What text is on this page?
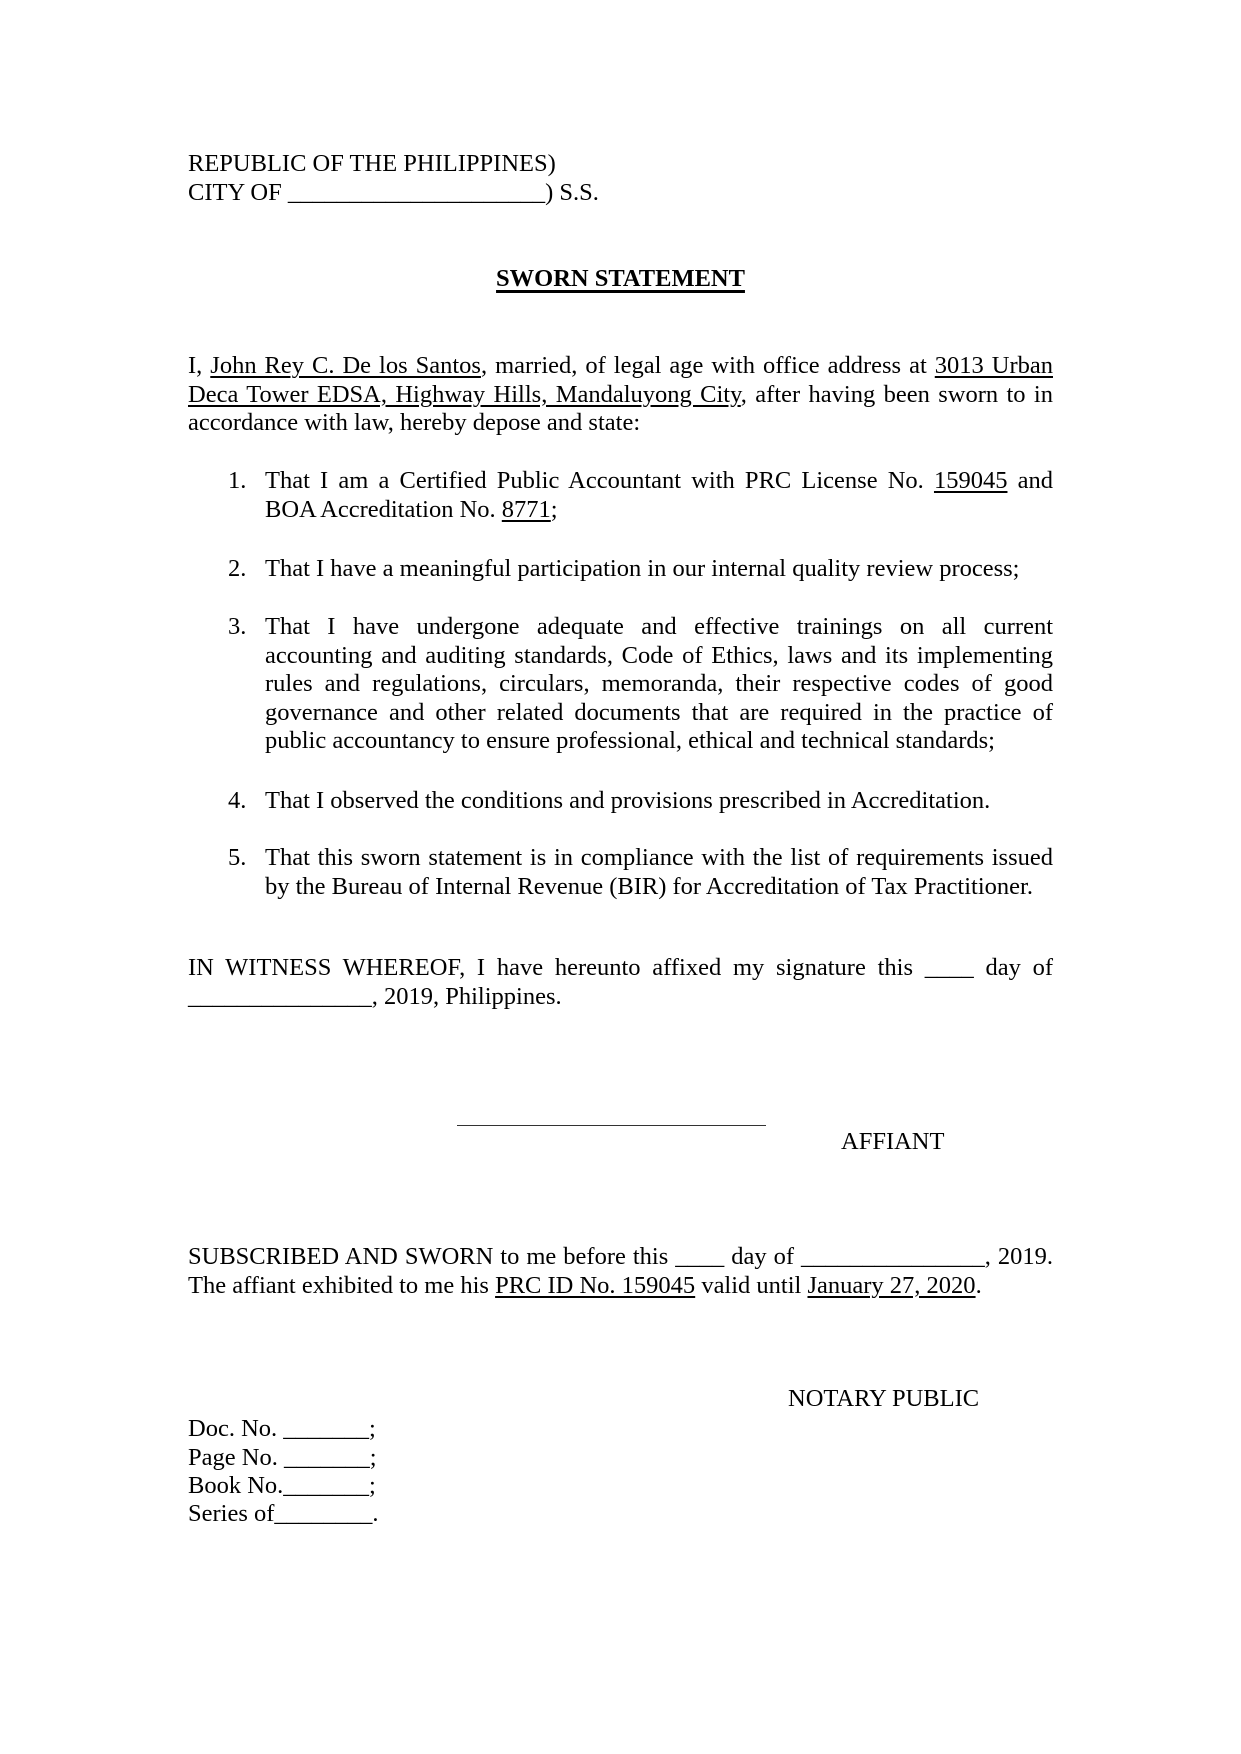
REPUBLIC OF THE PHILIPPINES)
CITY OF _____________________) S.S.
SWORN STATEMENT
I, John Rey C. De los Santos, married, of legal age with office address at 3013 Urban Deca Tower EDSA, Highway Hills, Mandaluyong City, after having been sworn to in accordance with law, hereby depose and state:
1. That I am a Certified Public Accountant with PRC License No. 159045 and BOA Accreditation No. 8771;
2. That I have a meaningful participation in our internal quality review process;
3. That I have undergone adequate and effective trainings on all current accounting and auditing standards, Code of Ethics, laws and its implementing rules and regulations, circulars, memoranda, their respective codes of good governance and other related documents that are required in the practice of public accountancy to ensure professional, ethical and technical standards;
4. That I observed the conditions and provisions prescribed in Accreditation.
5. That this sworn statement is in compliance with the list of requirements issued by the Bureau of Internal Revenue (BIR) for Accreditation of Tax Practitioner.
IN WITNESS WHEREOF, I have hereunto affixed my signature this ____ day of _______________, 2019, Philippines.
AFFIANT
SUBSCRIBED AND SWORN to me before this ____ day of _______________, 2019. The affiant exhibited to me his PRC ID No. 159045 valid until January 27, 2020.
NOTARY PUBLIC
Doc. No. _______;
Page No. _______;
Book No._______;
Series of________.
